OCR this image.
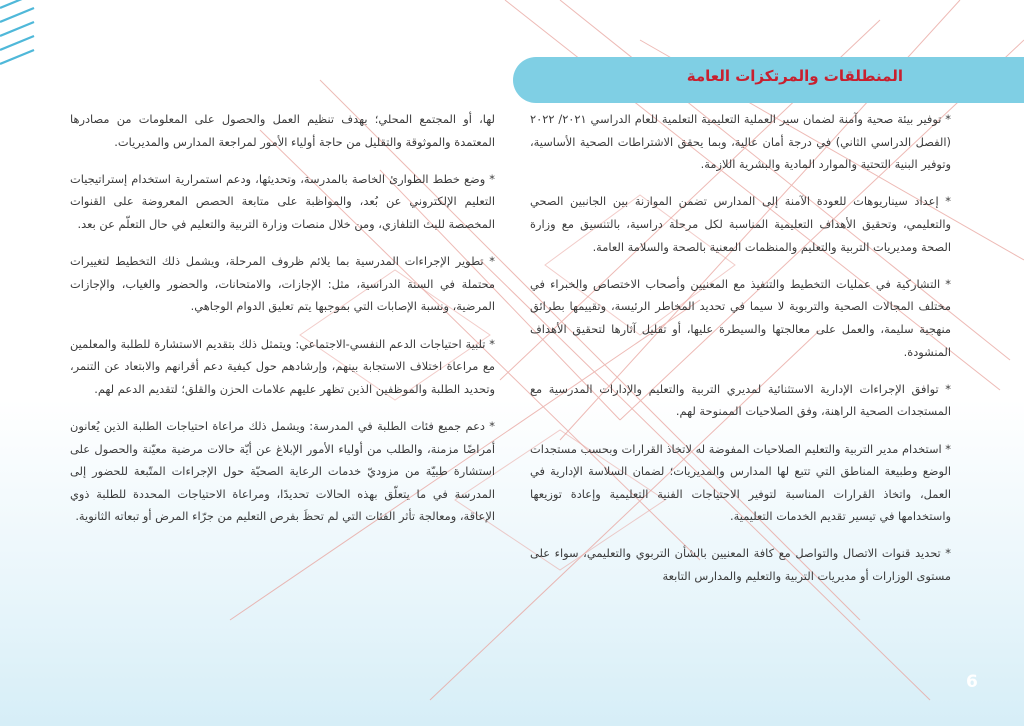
المنطلقات والمرتكزات العامة

* توفير بيئة صحية وآمنة لضمان سير العملية التعليمية التعلمية للعام الدراسي ٢٠٢١/ ٢٠٢٢ (الفصل الدراسي الثاني) في درجة أمان عالية، وبما يحقق الاشتراطات الصحية الأساسية، وتوفير البنية التحتية والموارد المادية والبشرية اللازمة.

* إعداد سيناريوهات للعودة الآمنة إلى المدارس تضمن الموازنة بين الجانبين الصحي والتعليمي، وتحقيق الأهداف التعليمية المناسبة لكل مرحلة دراسية، بالتنسيق مع وزارة الصحة ومديريات التربية والتعليم والمنظمات المعنية بالصحة والسلامة العامة.

* التشاركية في عمليات التخطيط والتنفيذ مع المعنيين وأصحاب الاختصاص والخبراء في مختلف المجالات الصحية والتربوية لا سيما في تحديد المخاطر الرئيسة، وتقييمها بطرائق منهجية سليمة، والعمل على معالجتها والسيطرة عليها، أو تقليل آثارها لتحقيق الأهداف المنشودة.

* توافق الإجراءات الإدارية الاستثنائية لمديري التربية والتعليم والإدارات المدرسية مع المستجدات الصحية الراهنة، وفق الصلاحيات الممنوحة لهم.

* استخدام مدير التربية والتعليم الصلاحيات المفوضة له لاتخاذ القرارات وبحسب مستجدات الوضع وطبيعة المناطق التي تتبع لها المدارس والمديريات؛ لضمان السلاسة الإدارية في العمل، واتخاذ القرارات المناسبة لتوفير الاحتياجات الفنية التعليمية وإعادة توزيعها واستخدامها في تيسير تقديم الخدمات التعليمية.

* تحديد قنوات الاتصال والتواصل مع كافة المعنيين بالشأن التربوي والتعليمي، سواء على مستوى الوزارات أو مديريات التربية والتعليم والمدارس التابعة

لها، أو المجتمع المحلي؛ بهدف تنظيم العمل والحصول على المعلومات من مصادرها المعتمدة والموثوقة والتقليل من حاجة أولياء الأمور لمراجعة المدارس والمديريات.

* وضع خطط الطوارئ الخاصة بالمدرسة، وتحديثها، ودعم استمرارية استخدام إستراتيجيات التعليم الإلكتروني عن بُعد، والمواظبة على متابعة الحصص المعروضة على القنوات المخصصة للبث التلفازي، ومن خلال منصات وزارة التربية والتعليم في حال التعلّم عن بعد.

* تطوير الإجراءات المدرسية بما يلائم ظروف المرحلة، ويشمل ذلك التخطيط لتغييرات محتملة في السنة الدراسية، مثل: الإجازات، والامتحانات، والحضور والغياب، والإجازات المرضية، ونسبة الإصابات التي بموجبها يتم تعليق الدوام الوجاهي.

* تلبية احتياجات الدعم النفسي-الاجتماعي: ويتمثل ذلك بتقديم الاستشارة للطلبة والمعلمين مع مراعاة اختلاف الاستجابة بينهم، وإرشادهم حول كيفية دعم أقرانهم والابتعاد عن التنمر، وتحديد الطلبة والموظفين الذين تظهر عليهم علامات الحزن والقلق؛ لتقديم الدعم لهم.

* دعم جميع فئات الطلبة في المدرسة: ويشمل ذلك مراعاة احتياجات الطلبة الذين يُعانون أمراضًا مزمنة، والطلب من أولياء الأمور الإبلاغ عن أيّة حالات مرضية معيّنة والحصول على استشارة طبيّة من مزوديّ خدمات الرعاية الصحيّة حول الإجراءات المتّبعة للحضور إلى المدرسة في ما يتعلّق بهذه الحالات تحديدًا، ومراعاة الاحتياجات المحددة للطلبة ذوي الإعاقة، ومعالجة تأثر الفئات التي لم تحظَ بفرص التعليم من جرّاء المرض أو تبعاته الثانوية.

6
